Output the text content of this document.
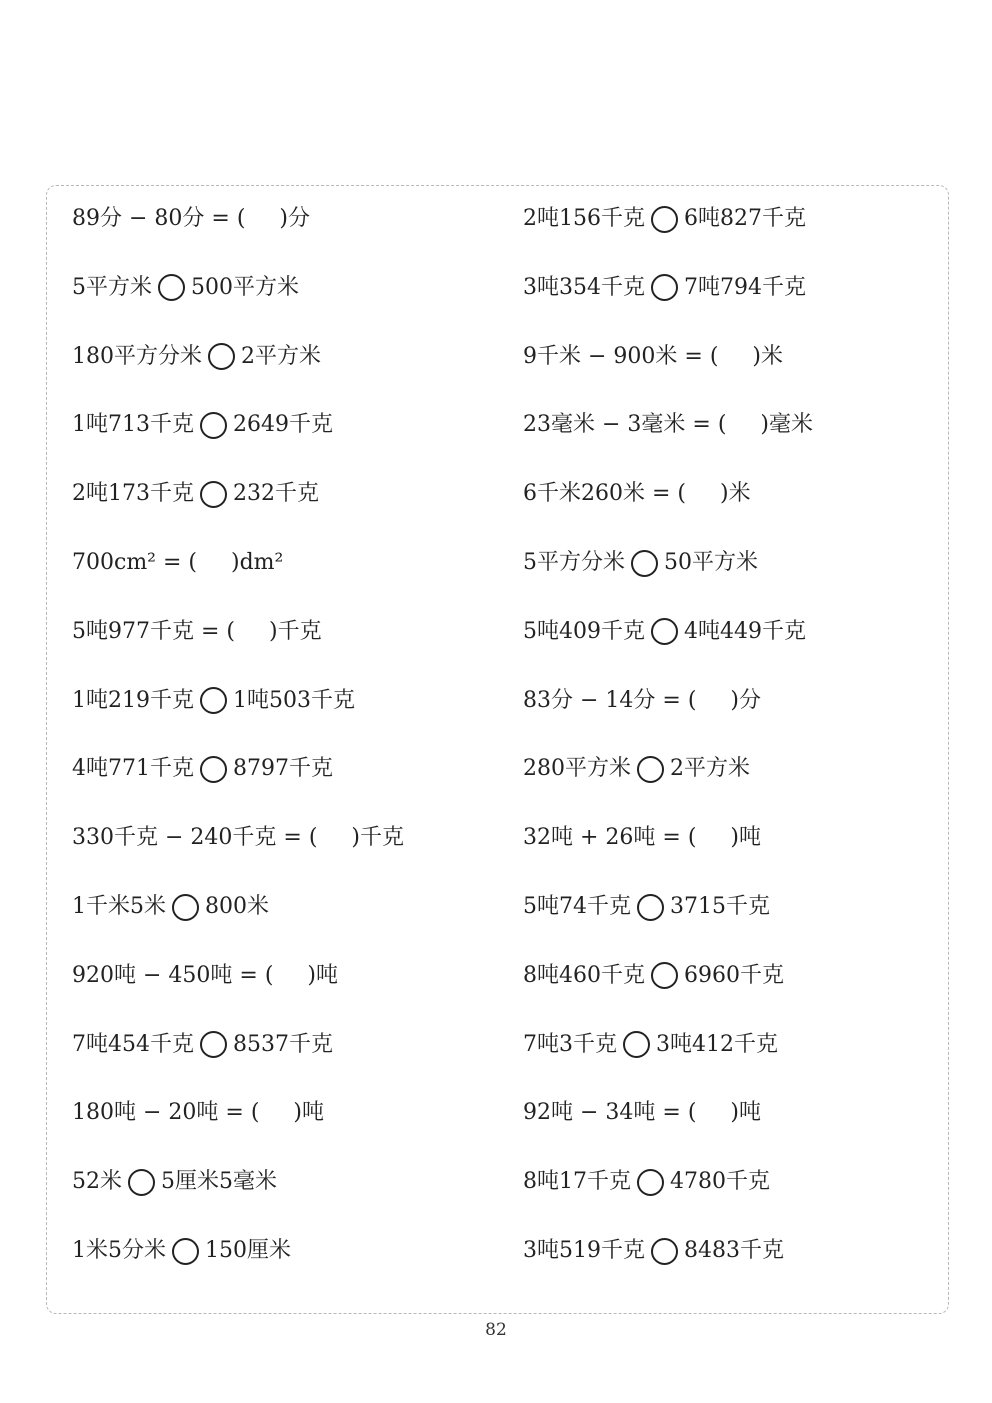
89分 − 80分 = ( )分
5平方米 500平方米
180平方分米 2平方米
1吨713千克 2649千克
2吨173千克 232千克
700cm² = ( )dm²
5吨977千克 = ( )千克
1吨219千克 1吨503千克
4吨771千克 8797千克
330千克 − 240千克 = ( )千克
1千米5米 800米
920吨 − 450吨 = ( )吨
7吨454千克 8537千克
180吨 − 20吨 = ( )吨
52米 5厘米5毫米
1米5分米 150厘米
2吨156千克 6吨827千克
3吨354千克 7吨794千克
9千米 − 900米 = ( )米
23毫米 − 3毫米 = ( )毫米
6千米260米 = ( )米
5平方分米 50平方米
5吨409千克 4吨449千克
83分 − 14分 = ( )分
280平方米 2平方米
32吨 + 26吨 = ( )吨
5吨74千克 3715千克
8吨460千克 6960千克
7吨3千克 3吨412千克
92吨 − 34吨 = ( )吨
8吨17千克 4780千克
3吨519千克 8483千克
82
